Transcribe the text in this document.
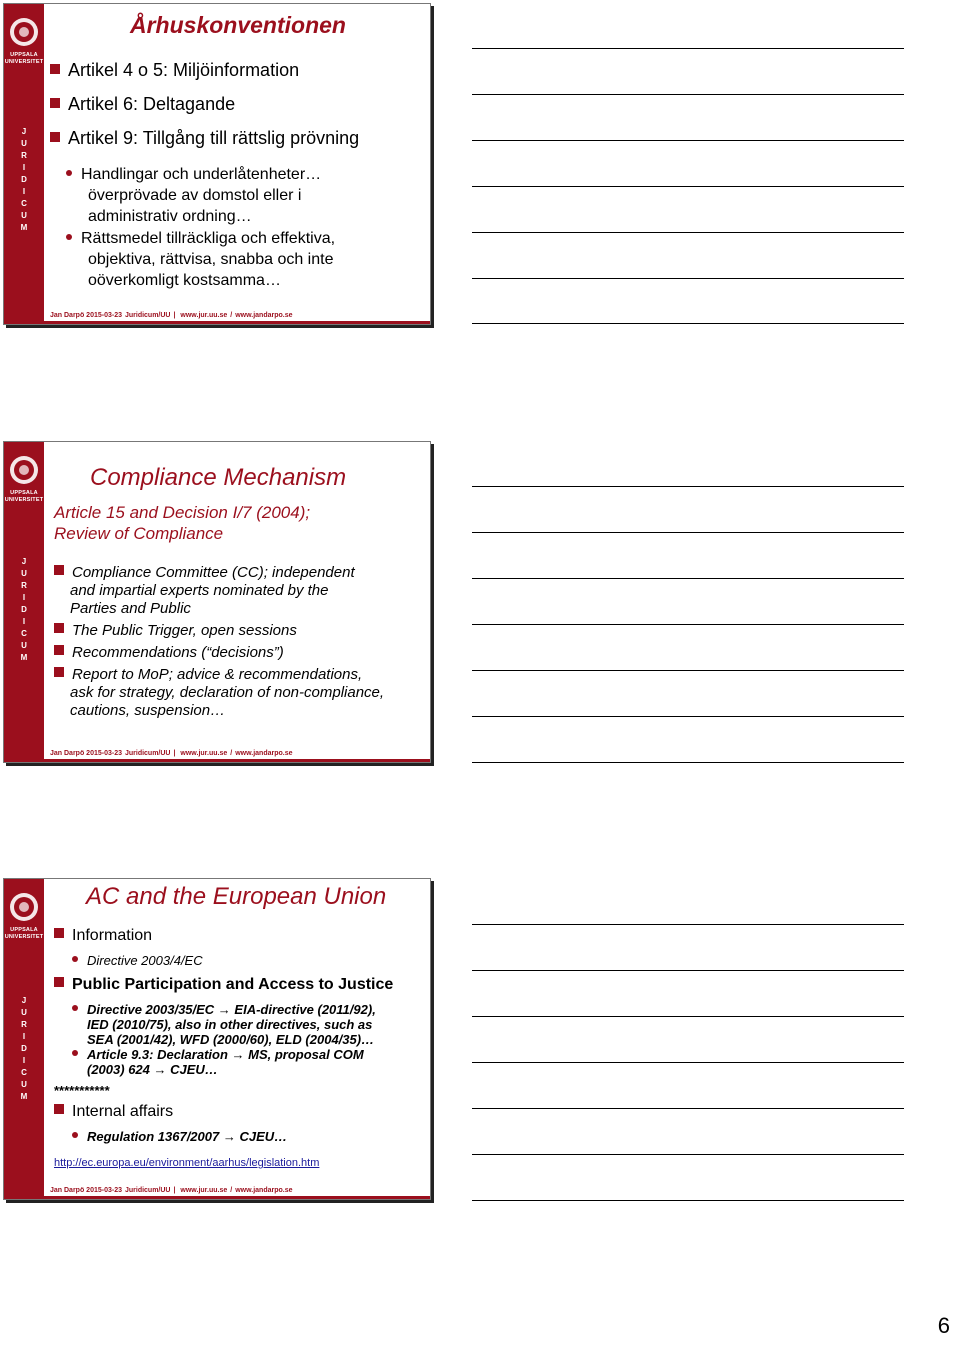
UPPSALA UNIVERSITET
J
U
R
I
D
I
C
U
M
Århuskonventionen
Artikel 4 o 5: Miljöinformation
Artikel 6: Deltagande
Artikel 9: Tillgång till rättslig prövning
Handlingar och underlåtenheter…
överprövade av domstol eller i
administrativ ordning…
Rättsmedel tillräckliga och effektiva,
objektiva, rättvisa, snabba och inte
oöverkomligt kostsamma…
Jan Darpö 2015-03-23 Juridicum/UU | www.jur.uu.se / www.jandarpo.se
UPPSALA UNIVERSITET
J
U
R
I
D
I
C
U
M
Compliance Mechanism
Article 15 and Decision I/7 (2004);
Review of Compliance
Compliance Committee (CC); independent
and impartial experts nominated by the
Parties and Public
The Public Trigger, open sessions
Recommendations (“decisions”)
Report to MoP; advice & recommendations,
ask for strategy, declaration of non-compliance,
cautions, suspension…
Jan Darpö 2015-03-23 Juridicum/UU | www.jur.uu.se / www.jandarpo.se
UPPSALA UNIVERSITET
J
U
R
I
D
I
C
U
M
AC and the European Union
Information
Directive 2003/4/EC
Public Participation and Access to Justice
Directive 2003/35/EC → EIA-directive (2011/92),
IED (2010/75), also in other directives, such as
SEA (2001/42), WFD (2000/60), ELD (2004/35)…
Article 9.3: Declaration → MS, proposal COM
(2003) 624 → CJEU…
***********
Internal affairs
Regulation 1367/2007 → CJEU…
http://ec.europa.eu/environment/aarhus/legislation.htm
Jan Darpö 2015-03-23 Juridicum/UU | www.jur.uu.se / www.jandarpo.se
6
